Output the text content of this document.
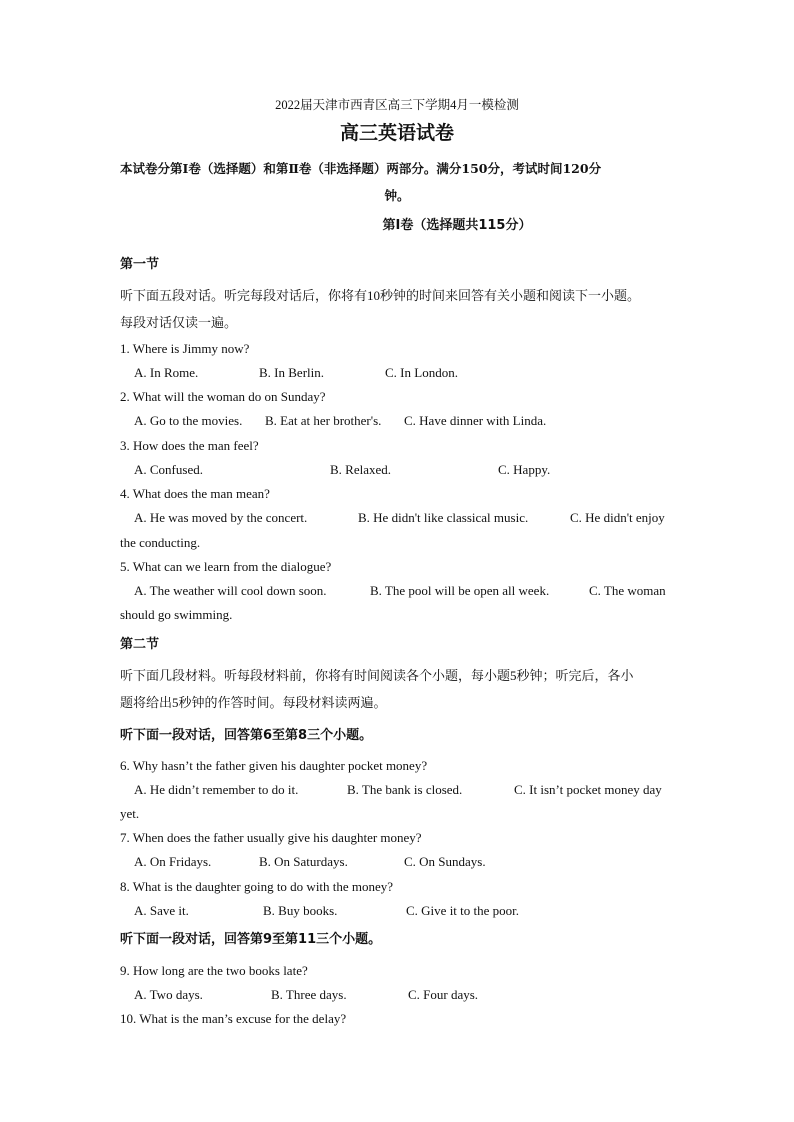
2022届天津市西青区高三下学期4月一模检测
高三英语试卷
本试卷分第Ⅰ卷（选择题）和第Ⅱ卷（非选择题）两部分。满分150分，考试时间120分
钟。
第Ⅰ卷（选择题共115分）
第一节
听下面五段对话。听完每段对话后，你将有10秒钟的时间来回答有关小题和阅读下一小题。
每段对话仅读一遍。
1. Where is Jimmy now?
A. In Rome.	B. In Berlin.	C. In London.
2. What will the woman do on Sunday?
A. Go to the movies. B. Eat at her brother's. C. Have dinner with Linda.
3. How does the man feel?
A. Confused.	B. Relaxed.	C. Happy.
4. What does the man mean?
A. He was moved by the concert.	B. He didn't like classical music.	C. He didn't enjoy
the conducting.
5. What can we learn from the dialogue?
A. The weather will cool down soon.	B. The pool will be open all week.	C. The woman
should go swimming.
第二节
听下面几段材料。听每段材料前，你将有时间阅读各个小题，每小题5秒钟；听完后，各小
题将给出5秒钟的作答时间。每段材料读两遍。
听下面一段对话，回答第6至第8三个小题。
6. Why hasn’t the father given his daughter pocket money?
A. He didn’t remember to do it.	B. The bank is closed.	C. It isn’t pocket money day
yet.
7. When does the father usually give his daughter money?
A. On Fridays.	B. On Saturdays.	C. On Sundays.
8. What is the daughter going to do with the money?
A. Save it.	B. Buy books.	C. Give it to the poor.
听下面一段对话，回答第9至第11三个小题。
9. How long are the two books late?
A. Two days.	B. Three days.	C. Four days.
10. What is the man’s excuse for the delay?
